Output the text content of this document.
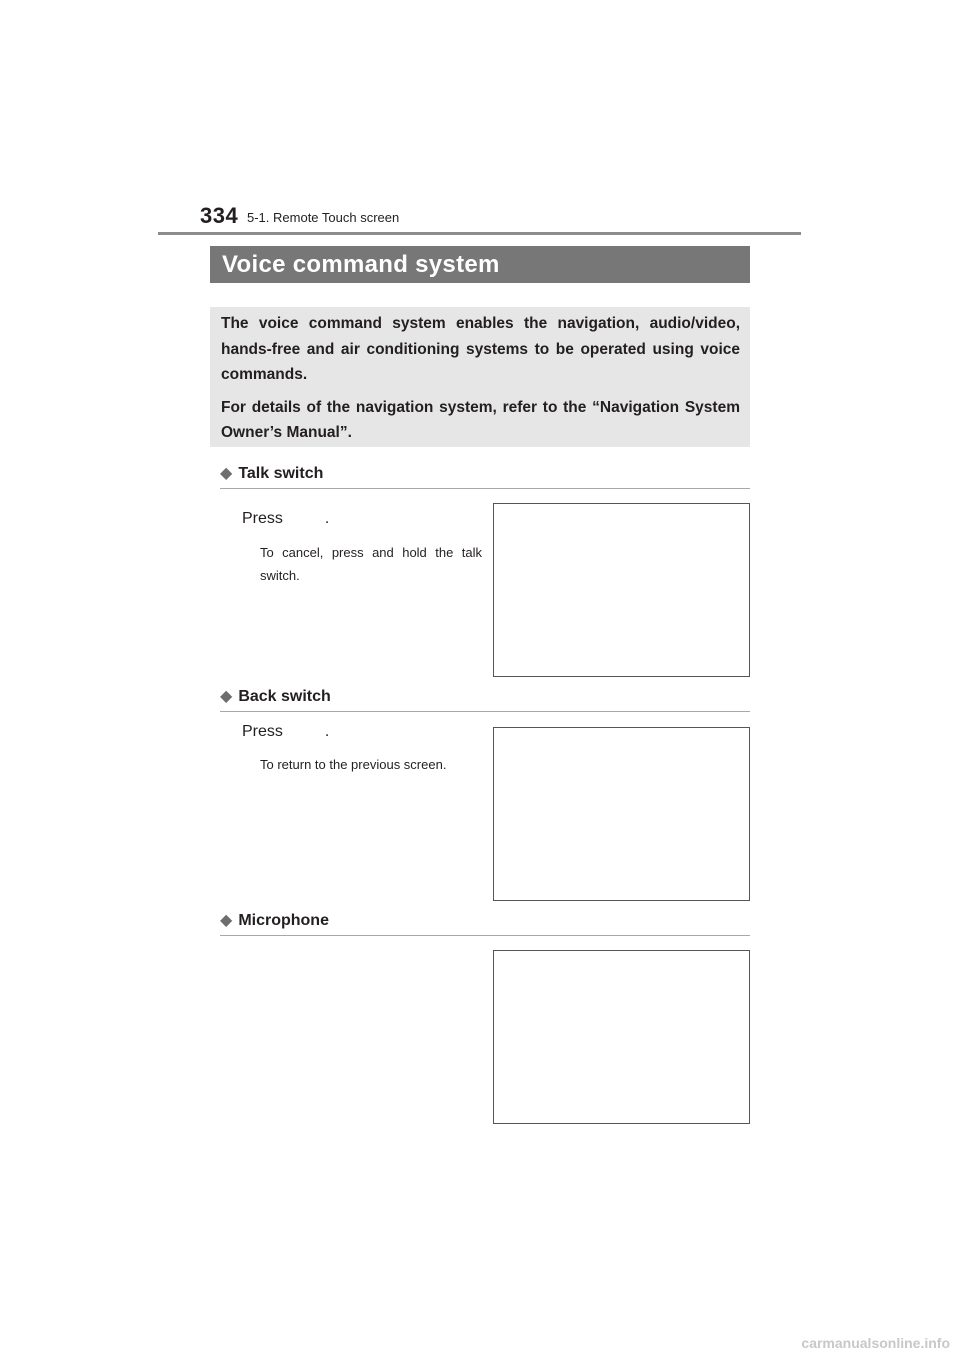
334 5-1. Remote Touch screen
Voice command system

The voice command system enables the navigation, audio/video, hands-free and air conditioning systems to be operated using voice commands.

For details of the navigation system, refer to the “Navigation System Owner’s Manual”.

◆ Talk switch
Press	.
To cancel, press and hold the talk switch.
◆ Back switch
Press	.
To return to the previous screen.
◆ Microphone
carmanualsonline.info
